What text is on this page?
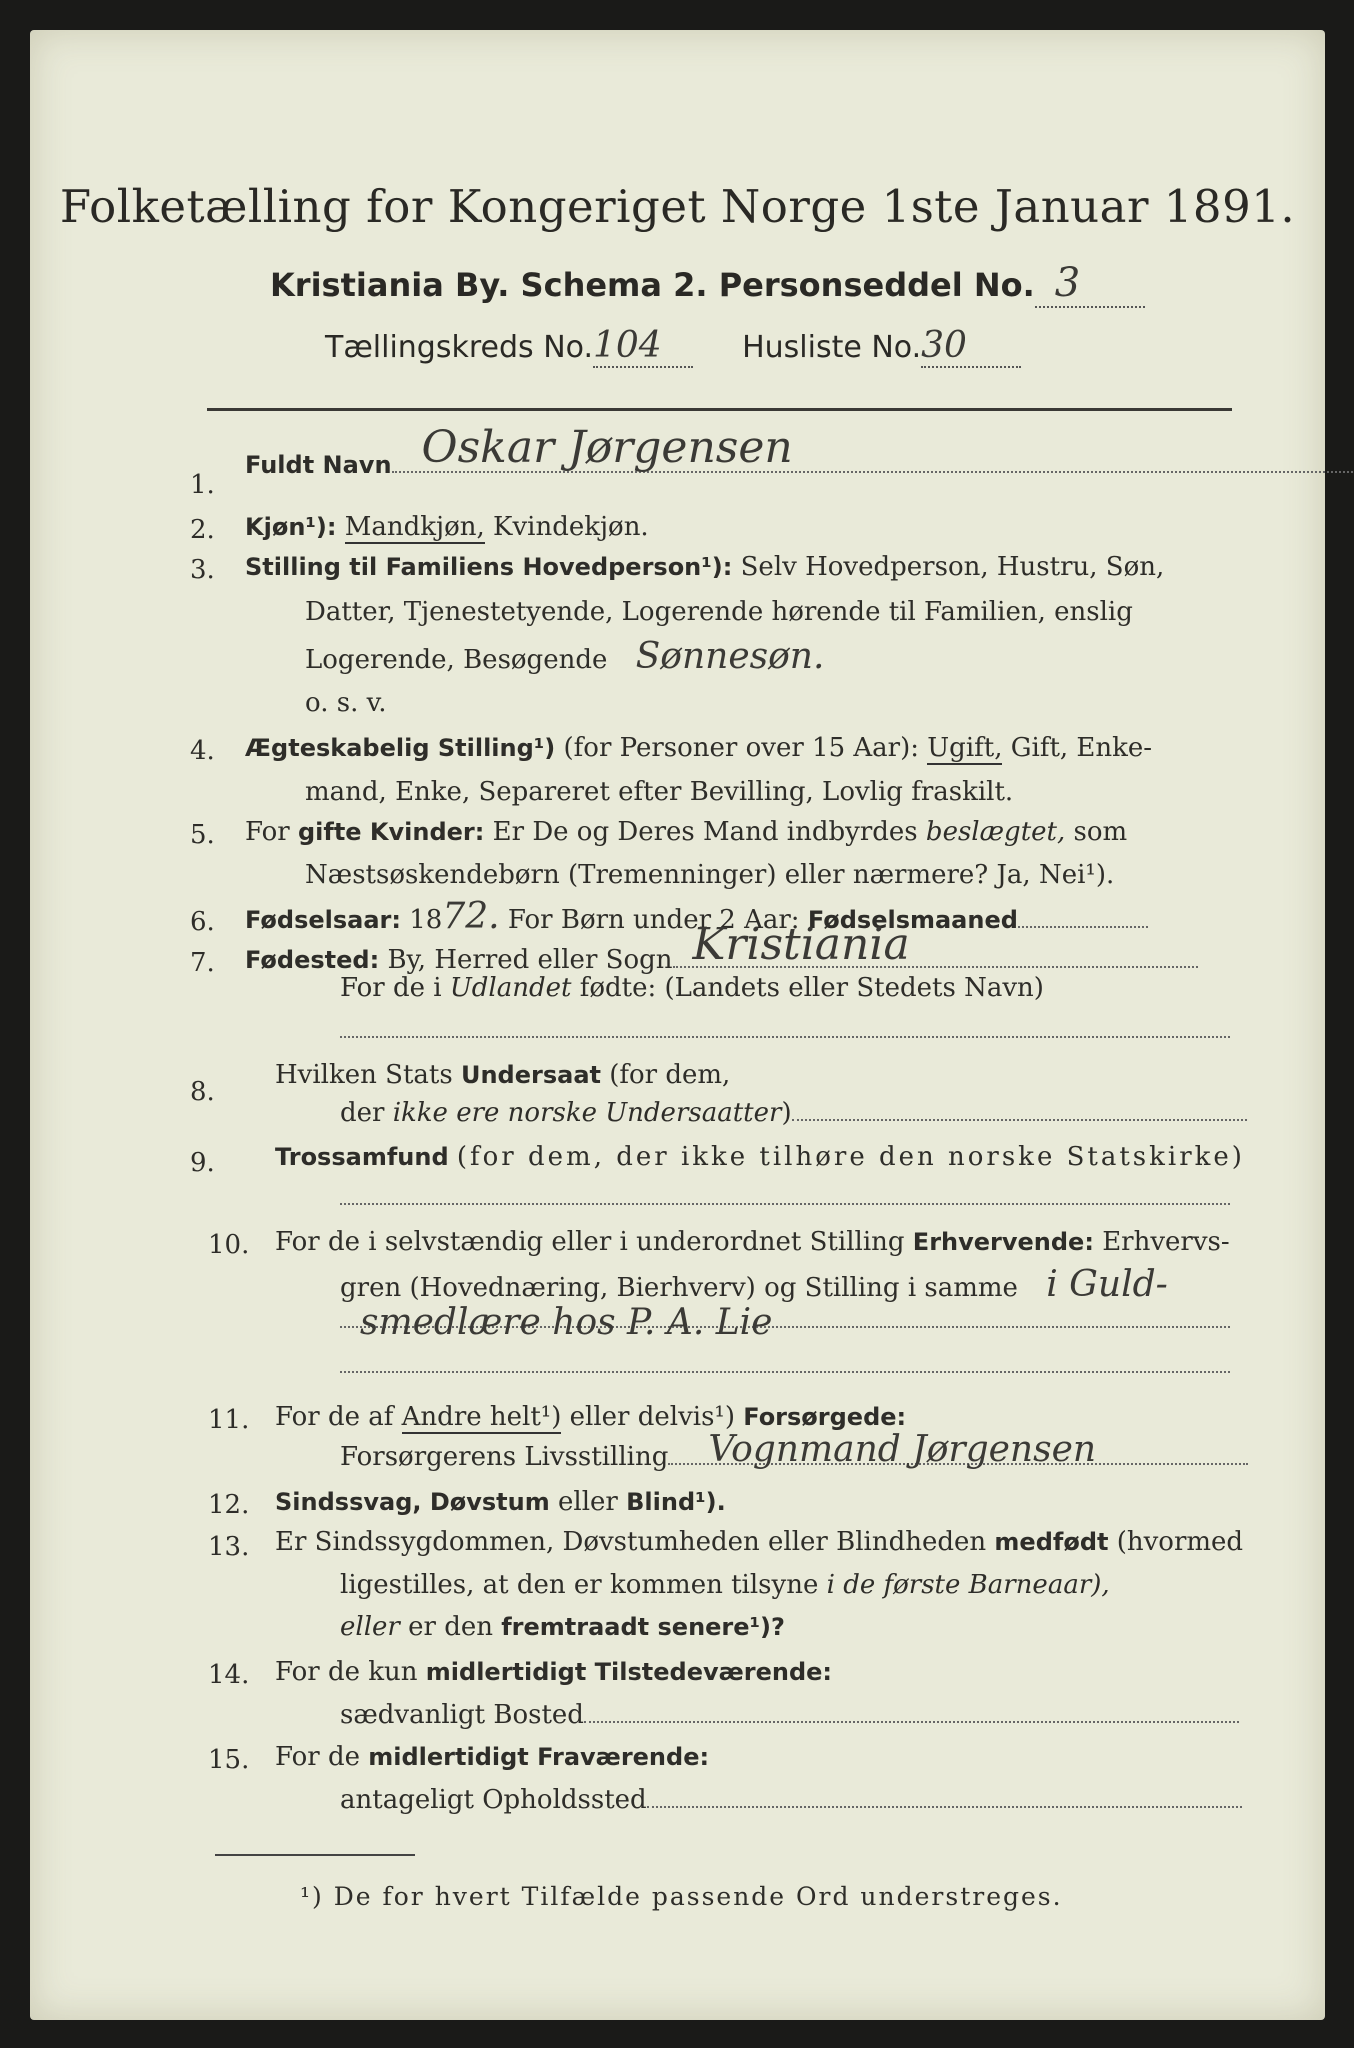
Folketælling for Kongeriget Norge 1ste Januar 1891.
Kristiania By. Schema 2. Personseddel No. 3
Tællingskreds No.104	Husliste No.30
1.
Fuldt Navn Oskar Jørgensen
2. Kjøn¹): Mandkjøn, Kvindekjøn.
3. Stilling til Familiens Hovedperson¹): Selv Hovedperson, Hustru, Søn,
Datter, Tjenestetyende, Logerende hørende til Familien, enslig
Logerende, Besøgende Sønnesøn.
o. s. v.
4. Ægteskabelig Stilling¹) (for Personer over 15 Aar): Ugift, Gift, Enke-
mand, Enke, Separeret efter Bevilling, Lovlig fraskilt.
5. For gifte Kvinder: Er De og Deres Mand indbyrdes beslægtet, som
Næstsøskendebørn (Tremenninger) eller nærmere? Ja, Nei¹).
6. Fødselsaar: 1872. For Børn under 2 Aar: Fødselsmaaned
7. Fødested: By, Herred eller Sogn Kristiania
For de i Udlandet fødte: (Landets eller Stedets Navn)
8.
Hvilken Stats Undersaat (for dem,
der ikke ere norske Undersaatter)
9.	Trossamfund (for dem, der ikke tilhøre den norske Statskirke)
10. For de i selvstændig eller i underordnet Stilling Erhvervende: Erhvervs-
gren (Hovednæring, Bierhverv) og Stilling i samme i Guld-
smedlære hos P. A. Lie
11. For de af Andre helt¹) eller delvis¹) Forsørgede:
Forsørgerens Livsstilling Vognmand Jørgensen
12. Sindssvag, Døvstum eller Blind¹).
13. Er Sindssygdommen, Døvstumheden eller Blindheden medfødt (hvormed
ligestilles, at den er kommen tilsyne i de første Barneaar),
eller er den fremtraadt senere¹)?
14. For de kun midlertidigt Tilstedeværende:
sædvanligt Bosted
15. For de midlertidigt Fraværende:
antageligt Opholdssted
¹) De for hvert Tilfælde passende Ord understreges.
